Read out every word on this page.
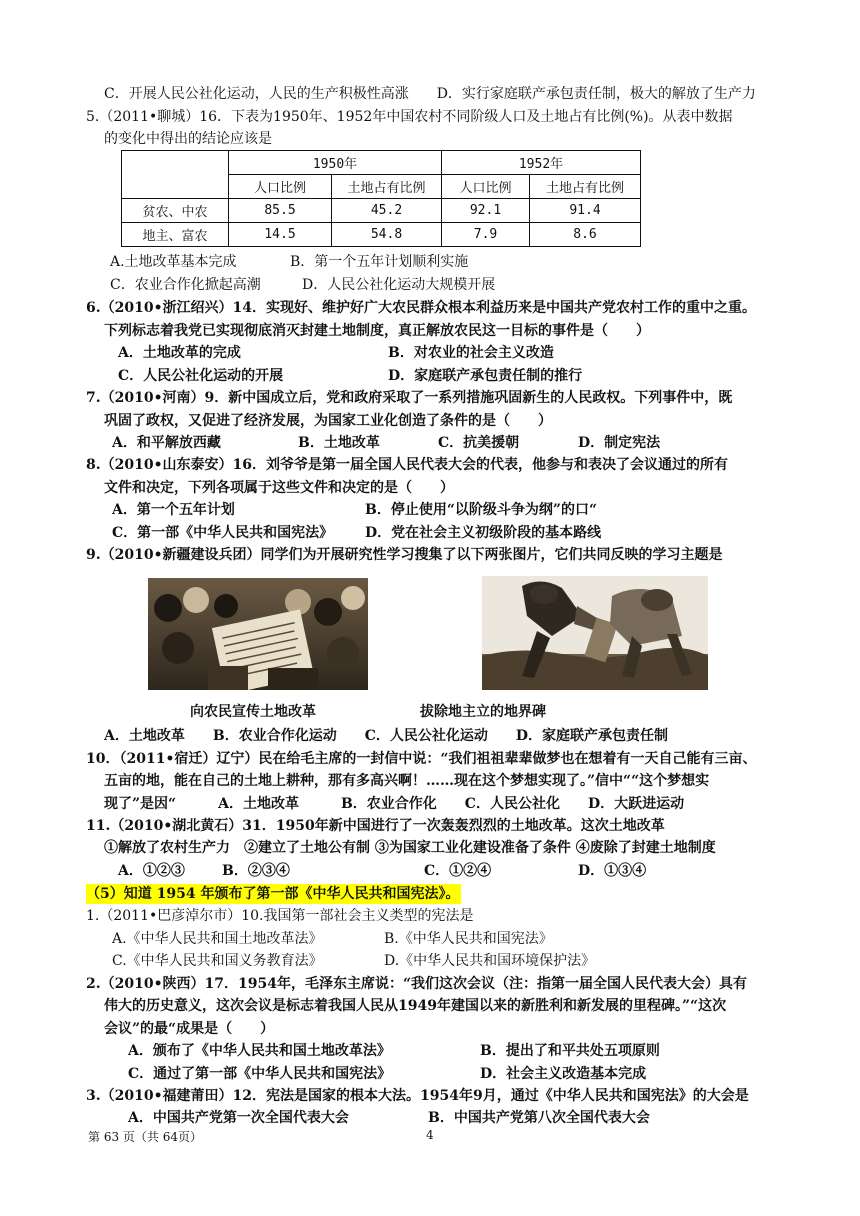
C．开展人民公社化运动，人民的生产积极性高涨　　D．实行家庭联产承包责任制，极大的解放了生产力
5.（2011•聊城）16．下表为1950年、1952年中国农村不同阶级人口及土地占有比例(%)。从表中数据
的变化中得出的结论应该是
	1950年		1952年	
	人口比例	土地占有比例	人口比例	土地占有比例
贫农、中农	85.5	45.2	92.1	91.4
地主、富农	14.5	54.8	7.9	8.6
A.土地改革基本完成	B．第一个五年计划顺利实施
C．农业合作化掀起高潮	D．人民公社化运动大规模开展
6.（2010•浙江绍兴）14．实现好、维护好广大农民群众根本利益历来是中国共产党农村工作的重中之重。
下列标志着我党已实现彻底消灭封建土地制度，真正解放农民这一目标的事件是（　　）
A．土地改革的完成	B．对农业的社会主义改造
C．人民公社化运动的开展	D．家庭联产承包责任制的推行
7.（2010•河南）9．新中国成立后，党和政府采取了一系列措施巩固新生的人民政权。下列事件中，既
巩固了政权，又促进了经济发展，为国家工业化创造了条件的是（　　）
A．和平解放西藏	B．土地改革	C．抗美援朝	D．制定宪法
8.（2010•山东泰安）16．刘爷爷是第一届全国人民代表大会的代表，他参与和表决了会议通过的所有
文件和决定，下列各项属于这些文件和决定的是（　　）
A．第一个五年计划	B．停止使用“以阶级斗争为纲”的口“
C．第一部《中华人民共和国宪法》 D．党在社会主义初级阶段的基本路线
9.（2010•新疆建设兵团）同学们为开展研究性学习搜集了以下两张图片，它们共同反映的学习主题是
向农民宣传土地改革	拔除地主立的地界碑
A．土地改革　　B．农业合作化运动　　C．人民公社化运动　　D．家庭联产承包责任制
10．（2011•宿迁）辽宁）民在给毛主席的一封信中说：“我们祖祖辈辈做梦也在想着有一天自己能有三亩、
五亩的地，能在自己的土地上耕种，那有多高兴啊！……现在这个梦想实现了。”信中““这个梦想实
现了”是因“　　　A．土地改革　　　B．农业合作化　　C．人民公社化　　D．大跃进运动
11.（2010•湖北黄石）31．1950年新中国进行了一次轰轰烈烈的土地改革。这次土地改革
①解放了农村生产力　②建立了土地公有制 ③为国家工业化建设准备了条件 ④废除了封建土地制度
A．①②③	B．②③④	C．①②④	D．①③④
（5）知道 1954 年颁布了第一部《中华人民共和国宪法》。
1.（2011•巴彦淖尔市）10.我国第一部社会主义类型的宪法是
A.《中华人民共和国土地改革法》	B.《中华人民共和国宪法》
C.《中华人民共和国义务教育法》	D.《中华人民共和国环境保护法》
2.（2010•陕西）17．1954年，毛泽东主席说：“我们这次会议（注：指第一届全国人民代表大会）具有
伟大的历史意义，这次会议是标志着我国人民从1949年建国以来的新胜利和新发展的里程碑。”“这次
会议”的最“成果是（　　）
A．颁布了《中华人民共和国土地改革法》	B．提出了和平共处五项原则
C．通过了第一部《中华人民共和国宪法》	D．社会主义改造基本完成
3.（2010•福建莆田）12．宪法是国家的根本大法。1954年9月，通过《中华人民共和国宪法》的大会是
A．中国共产党第一次全国代表大会	B．中国共产党第八次全国代表大会
第 63 页（共 64页）	4
